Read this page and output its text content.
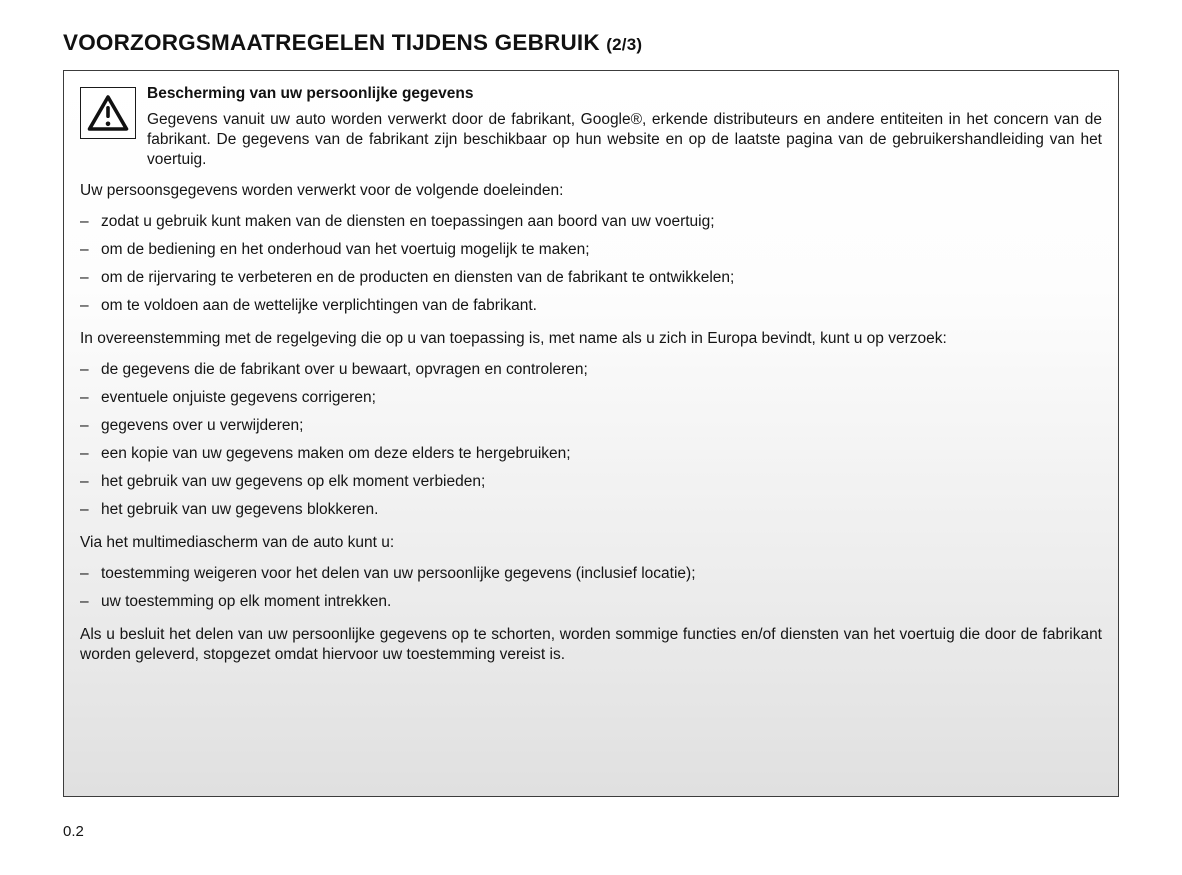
VOORZORGSMAATREGELEN TIJDENS GEBRUIK (2/3)
Bescherming van uw persoonlijke gegevens

Gegevens vanuit uw auto worden verwerkt door de fabrikant, Google®, erkende distributeurs en andere entiteiten in het concern van de fabrikant. De gegevens van de fabrikant zijn beschikbaar op hun website en op de laatste pagina van de gebruikershandleiding van het voertuig.

Uw persoonsgegevens worden verwerkt voor de volgende doeleinden:

– zodat u gebruik kunt maken van de diensten en toepassingen aan boord van uw voertuig;
– om de bediening en het onderhoud van het voertuig mogelijk te maken;
– om de rijervaring te verbeteren en de producten en diensten van de fabrikant te ontwikkelen;
– om te voldoen aan de wettelijke verplichtingen van de fabrikant.

In overeenstemming met de regelgeving die op u van toepassing is, met name als u zich in Europa bevindt, kunt u op verzoek:

– de gegevens die de fabrikant over u bewaart, opvragen en controleren;
– eventuele onjuiste gegevens corrigeren;
– gegevens over u verwijderen;
– een kopie van uw gegevens maken om deze elders te hergebruiken;
– het gebruik van uw gegevens op elk moment verbieden;
– het gebruik van uw gegevens blokkeren.

Via het multimediascherm van de auto kunt u:

– toestemming weigeren voor het delen van uw persoonlijke gegevens (inclusief locatie);
– uw toestemming op elk moment intrekken.

Als u besluit het delen van uw persoonlijke gegevens op te schorten, worden sommige functies en/of diensten van het voertuig die door de fabrikant worden geleverd, stopgezet omdat hiervoor uw toestemming vereist is.

0.2
